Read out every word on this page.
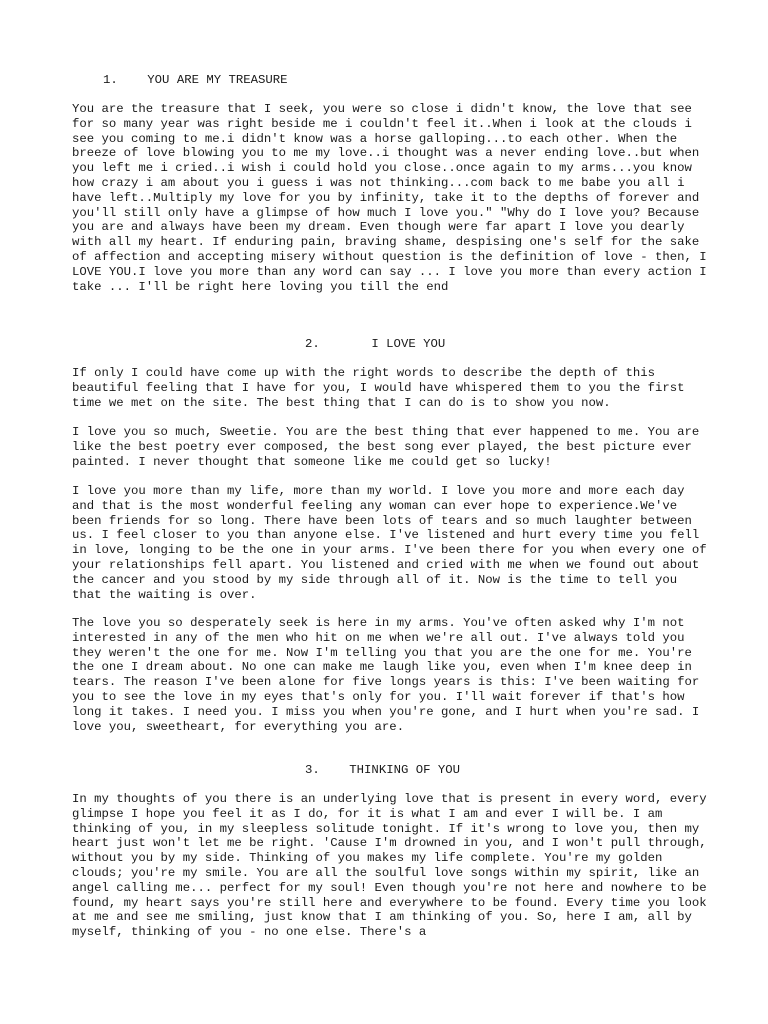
1. YOU ARE MY TREASURE

You are the treasure that I seek, you were so close i didn't know, the love that see for so many year was right beside me i couldn't feel it..When i look at the clouds i see you coming to me.i didn't know was a horse galloping...to each other. When the breeze of love blowing you to me my love..i thought was a never ending love..but when you left me i cried..i wish i could hold you close..once again to my arms...you know how crazy i am about you i guess i was not thinking...com back to me babe you all i have left..Multiply my love for you by infinity, take it to the depths of forever and you'll still only have a glimpse of how much I love you." "Why do I love you? Because you are and always have been my dream. Even though were far apart I love you dearly with all my heart. If enduring pain, braving shame, despising one's self for the sake of affection and accepting misery without question is the definition of love - then, I LOVE YOU.I love you more than any word can say ... I love you more than every action I take ... I'll be right here loving you till the end

2.	I LOVE YOU

If only I could have come up with the right words to describe the depth of this beautiful feeling that I have for you, I would have whispered them to you the first time we met on the site. The best thing that I can do is to show you now.

I love you so much, Sweetie. You are the best thing that ever happened to me. You are like the best poetry ever composed, the best song ever played, the best picture ever painted. I never thought that someone like me could get so lucky!

I love you more than my life, more than my world. I love you more and more each day and that is the most wonderful feeling any woman can ever hope to experience.We've been friends for so long. There have been lots of tears and so much laughter between us. I feel closer to you than anyone else. I've listened and hurt every time you fell in love, longing to be the one in your arms. I've been there for you when every one of your relationships fell apart. You listened and cried with me when we found out about the cancer and you stood by my side through all of it. Now is the time to tell you that the waiting is over.

The love you so desperately seek is here in my arms. You've often asked why I'm not interested in any of the men who hit on me when we're all out. I've always told you they weren't the one for me. Now I'm telling you that you are the one for me. You're the one I dream about. No one can make me laugh like you, even when I'm knee deep in tears. The reason I've been alone for five longs years is this: I've been waiting for you to see the love in my eyes that's only for you. I'll wait forever if that's how long it takes. I need you. I miss you when you're gone, and I hurt when you're sad. I love you, sweetheart, for everything you are.

3. THINKING OF YOU

In my thoughts of you there is an underlying love that is present in every word, every glimpse I hope you feel it as I do, for it is what I am and ever I will be. I am thinking of you, in my sleepless solitude tonight. If it's wrong to love you, then my heart just won't let me be right. 'Cause I'm drowned in you, and I won't pull through, without you by my side. Thinking of you makes my life complete. You're my golden clouds; you're my smile. You are all the soulful love songs within my spirit, like an angel calling me... perfect for my soul! Even though you're not here and nowhere to be found, my heart says you're still here and everywhere to be found. Every time you look at me and see me smiling, just know that I am thinking of you. So, here I am, all by myself, thinking of you - no one else. There's a
